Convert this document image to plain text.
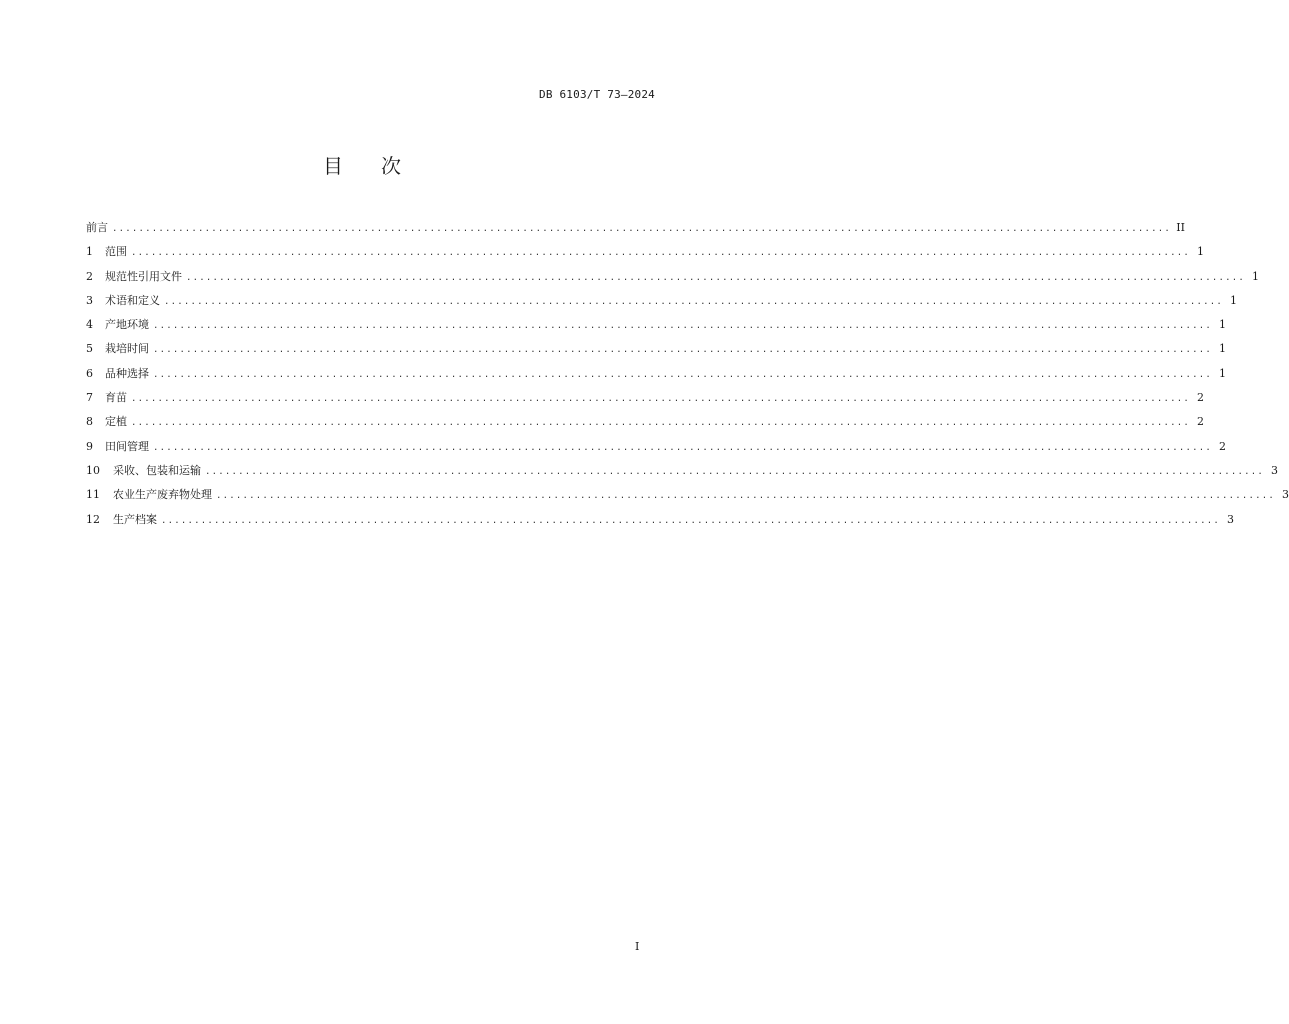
DB 6103/T 73—2024
目次
前言 ................................................................................................................................................................ II
1	范围 ................................................................................................................................................................ 1
2	规范性引用文件 ................................................................................................................................................................ 1
3	术语和定义 ................................................................................................................................................................ 1
4	产地环境 ................................................................................................................................................................ 1
5	栽培时间 ................................................................................................................................................................ 1
6	品种选择 ................................................................................................................................................................ 1
7	育苗 ................................................................................................................................................................ 2
8	定植 ................................................................................................................................................................ 2
9	田间管理 ................................................................................................................................................................ 2
10	采收、包装和运输 ................................................................................................................................................................ 3
11	农业生产废弃物处理 ................................................................................................................................................................ 3
12	生产档案 ................................................................................................................................................................ 3
I
